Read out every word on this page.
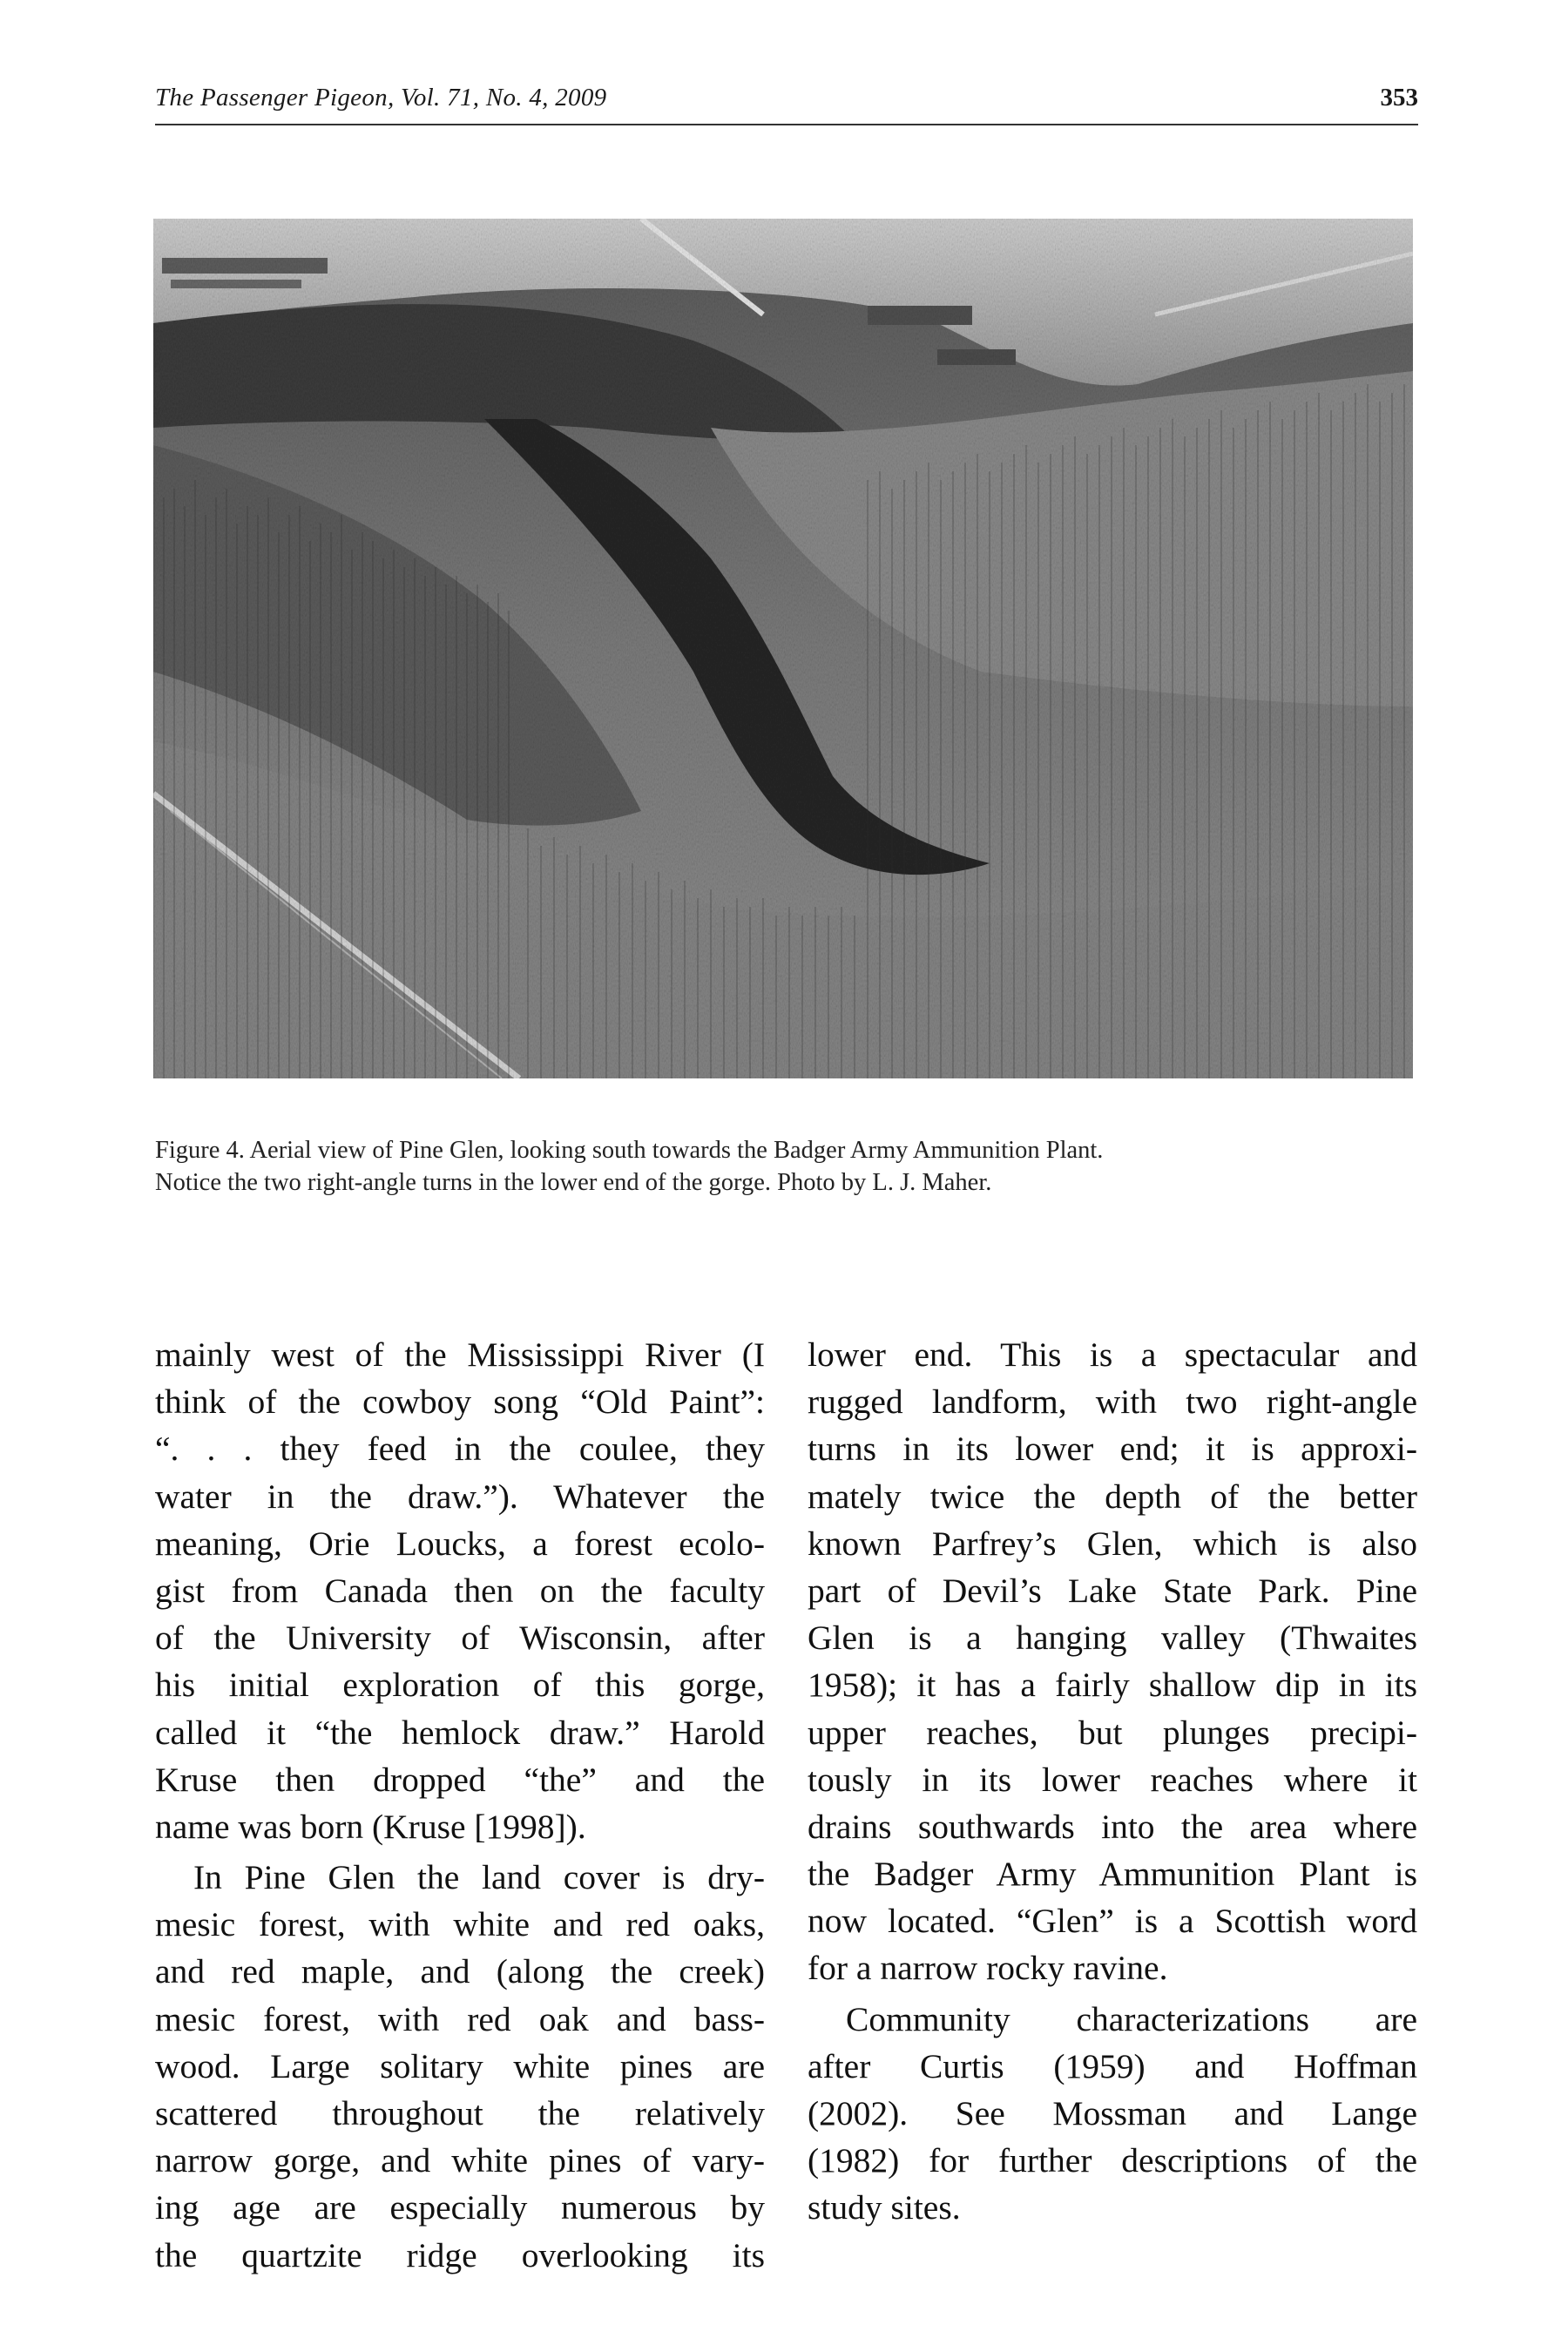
The Passenger Pigeon, Vol. 71, No. 4, 2009	353
Figure 4. Aerial view of Pine Glen, looking south towards the Badger Army Ammunition Plant.
Notice the two right-angle turns in the lower end of the gorge. Photo by L. J. Maher.
mainly west of the Mississippi River (I
think of the cowboy song “Old Paint”:
“. . . they feed in the coulee, they
water in the draw.”). Whatever the
meaning, Orie Loucks, a forest ecolo-
gist from Canada then on the faculty
of the University of Wisconsin, after
his initial exploration of this gorge,
called it “the hemlock draw.” Harold
Kruse then dropped “the” and the
name was born (Kruse [1998]).
In Pine Glen the land cover is dry-
mesic forest, with white and red oaks,
and red maple, and (along the creek)
mesic forest, with red oak and bass-
wood. Large solitary white pines are
scattered throughout the relatively
narrow gorge, and white pines of vary-
ing age are especially numerous by
the quartzite ridge overlooking its
lower end. This is a spectacular and
rugged landform, with two right-angle
turns in its lower end; it is approxi-
mately twice the depth of the better
known Parfrey’s Glen, which is also
part of Devil’s Lake State Park. Pine
Glen is a hanging valley (Thwaites
1958); it has a fairly shallow dip in its
upper reaches, but plunges precipi-
tously in its lower reaches where it
drains southwards into the area where
the Badger Army Ammunition Plant is
now located. “Glen” is a Scottish word
for a narrow rocky ravine.
Community characterizations are
after Curtis (1959) and Hoffman
(2002). See Mossman and Lange
(1982) for further descriptions of the
study sites.
